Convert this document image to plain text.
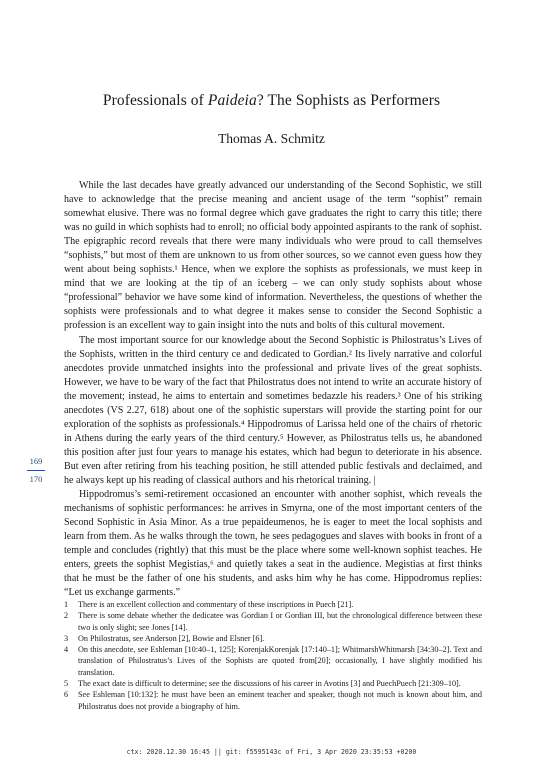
Professionals of Paideia? The Sophists as Performers
Thomas A. Schmitz

While the last decades have greatly advanced our understanding of the Second Sophistic, we still have to acknowledge that the precise meaning and ancient usage of the term “sophist” remain somewhat elusive. There was no formal degree which gave graduates the right to carry this title; there was no guild in which sophists had to enroll; no official body appointed aspirants to the rank of sophist. The epigraphic record reveals that there were many individuals who were proud to call themselves “sophists,” but most of them are unknown to us from other sources, so we cannot even guess how they went about being sophists.¹ Hence, when we explore the sophists as professionals, we must keep in mind that we are looking at the tip of an iceberg – we can only study sophists about whose “professional” behavior we have some kind of information. Nevertheless, the questions of whether the sophists were professionals and to what degree it makes sense to consider the Second Sophistic a profession is an excellent way to gain insight into the nuts and bolts of this cultural movement.

The most important source for our knowledge about the Second Sophistic is Philostratus’s Lives of the Sophists, written in the third century ce and dedicated to Gordian.² Its lively narrative and colorful anecdotes provide unmatched insights into the professional and private lives of the great sophists. However, we have to be wary of the fact that Philostratus does not intend to write an accurate history of the movement; instead, he aims to entertain and sometimes bedazzle his readers.³ One of his striking anecdotes (VS 2.27, 618) about one of the sophistic superstars will provide the starting point for our exploration of the sophists as professionals.⁴ Hippodromus of Larissa held one of the chairs of rhetoric in Athens during the early years of the third century.⁵ However, as Philostratus tells us, he abandoned this position after just four years to manage his estates, which had begun to deteriorate in his absence. But even after retiring from his teaching position, he still attended public festivals and declaimed, and he always kept up his reading of classical authors and his rhetorical training. |

Hippodromus’s semi-retirement occasioned an encounter with another sophist, which reveals the mechanisms of sophistic performances: he arrives in Smyrna, one of the most important centers of the Second Sophistic in Asia Minor. As a true pepaideumenos, he is eager to meet the local sophists and learn from them. As he walks through the town, he sees pedagogues and slaves with books in front of a temple and concludes (rightly) that this must be the place where some well-known sophist teaches. He enters, greets the sophist Megistias,⁶ and quietly takes a seat in the audience. Megistias at first thinks that he must be the father of one his students, and asks him why he has come. Hippodromus replies: “Let us exchange garments.”

169
170
1	There is an excellent collection and commentary of these inscriptions in Puech [21].
2	There is some debate whether the dedicatee was Gordian I or Gordian III, but the chronological difference between these two is only slight; see Jones [14].
3	On Philostratus, see Anderson [2], Bowie and Elsner [6].
4	On this anecdote, see Eshleman [10:40–1, 125]; KorenjakKorenjak [17:140–1]; WhitmarshWhitmarsh [34:30–2]. Text and translation of Philostratus’s Lives of the Sophists are quoted from[20]; occasionally, I have slightly modified his translation.
5	The exact date is difficult to determine; see the discussions of his career in Avotins [3] and PuechPuech [21:309–10].
6	See Eshleman [10:132]: he must have been an eminent teacher and speaker, though not much is known about him, and Philostratus does not provide a biography of him.
ctx: 2020.12.30 16:45 || git: f5595143c of Fri, 3 Apr 2020 23:35:53 +0200
